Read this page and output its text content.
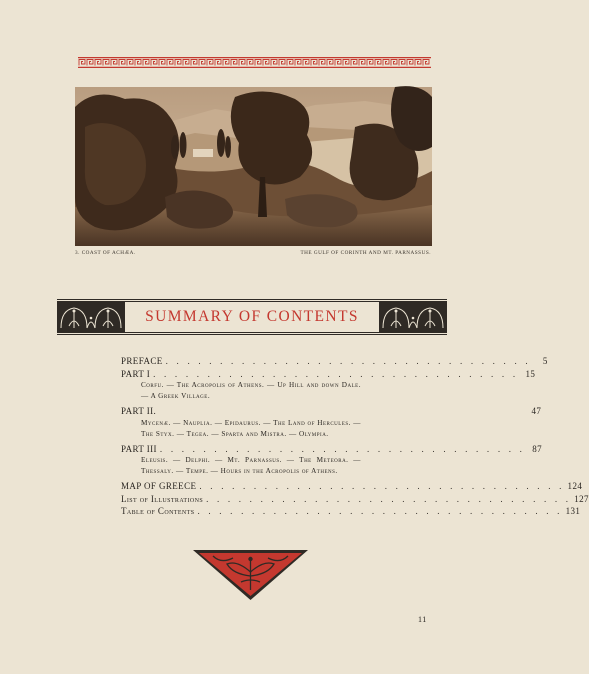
3. COAST OF ACHÆA.	THE GULF OF CORINTH AND MT. PARNASSUS.
SUMMARY OF CONTENTS
PREFACE . . . . . . . . . . . . . . . . . . . . . . . . . . . . . . . . . .	5
PART I . . . . . . . . . . . . . . . . . . . . . . . . . . . . . . . . . . 15
Corfu. — The Acropolis of Athens. — Up Hill and down Dale. — A Greek Village.
PART II.	47
Mycenæ. — Nauplia. — Epidaurus. — The Land of Hercules. — The Styx. — Tegea. — Sparta and Mistra. — Olympia.
PART III . . . . . . . . . . . . . . . . . . . . . . . . . . . . . . . . . . 87
Eleusis. — Delphi. — Mt. Parnassus. — The Meteora. — Thessaly. — Tempe. — Hours in the Acropolis of Athens.
MAP OF GREECE . . . . . . . . . . . . . . . . . . . . . . . . . . . . . . . . . . 124
List of Illustrations . . . . . . . . . . . . . . . . . . . . . . . . . . . . . . . . . . 127
Table of Contents . . . . . . . . . . . . . . . . . . . . . . . . . . . . . . . . . . 131
11
